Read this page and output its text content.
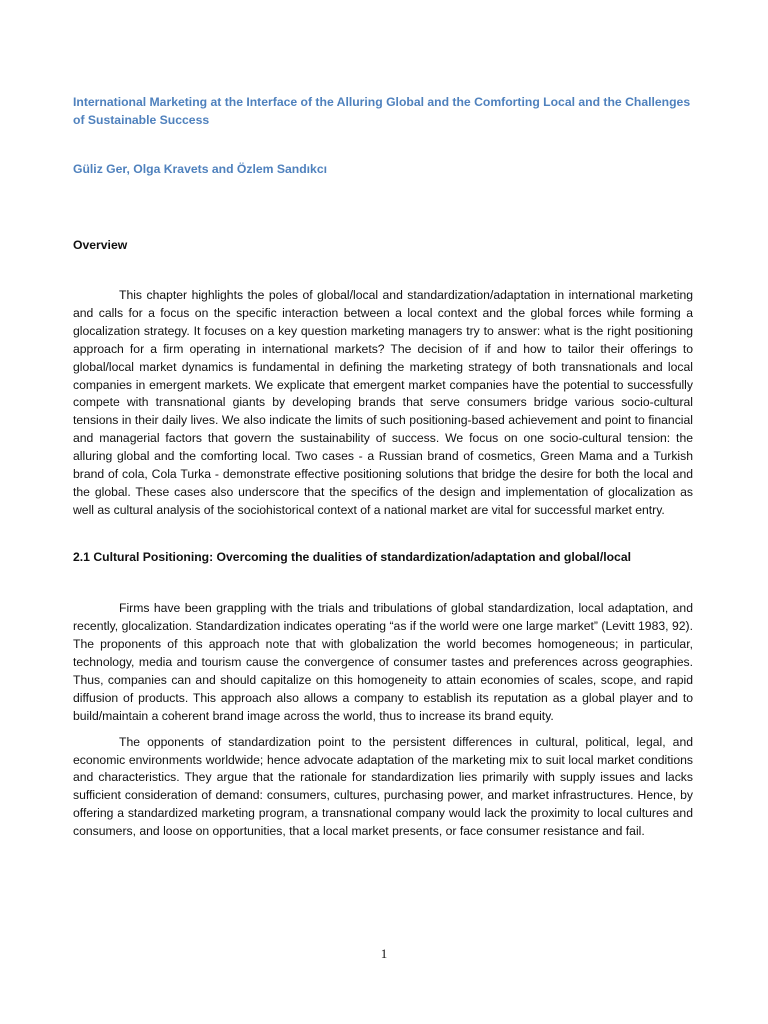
International Marketing at the Interface of the Alluring Global and the Comforting Local and the Challenges of Sustainable Success

Güliz Ger, Olga Kravets and Özlem Sandıkcı

Overview

This chapter highlights the poles of global/local and standardization/adaptation in international marketing and calls for a focus on the specific interaction between a local context and the global forces while forming a glocalization strategy. It focuses on a key question marketing managers try to answer: what is the right positioning approach for a firm operating in international markets? The decision of if and how to tailor their offerings to global/local market dynamics is fundamental in defining the marketing strategy of both transnationals and local companies in emergent markets. We explicate that emergent market companies have the potential to successfully compete with transnational giants by developing brands that serve consumers bridge various socio-cultural tensions in their daily lives. We also indicate the limits of such positioning-based achievement and point to financial and managerial factors that govern the sustainability of success. We focus on one socio-cultural tension: the alluring global and the comforting local. Two cases - a Russian brand of cosmetics, Green Mama and a Turkish brand of cola, Cola Turka - demonstrate effective positioning solutions that bridge the desire for both the local and the global. These cases also underscore that the specifics of the design and implementation of glocalization as well as cultural analysis of the sociohistorical context of a national market are vital for successful market entry.

2.1 Cultural Positioning: Overcoming the dualities of standardization/adaptation and global/local

Firms have been grappling with the trials and tribulations of global standardization, local adaptation, and recently, glocalization. Standardization indicates operating “as if the world were one large market” (Levitt 1983, 92). The proponents of this approach note that with globalization the world becomes homogeneous; in particular, technology, media and tourism cause the convergence of consumer tastes and preferences across geographies. Thus, companies can and should capitalize on this homogeneity to attain economies of scales, scope, and rapid diffusion of products. This approach also allows a company to establish its reputation as a global player and to build/maintain a coherent brand image across the world, thus to increase its brand equity.

The opponents of standardization point to the persistent differences in cultural, political, legal, and economic environments worldwide; hence advocate adaptation of the marketing mix to suit local market conditions and characteristics. They argue that the rationale for standardization lies primarily with supply issues and lacks sufficient consideration of demand: consumers, cultures, purchasing power, and market infrastructures. Hence, by offering a standardized marketing program, a transnational company would lack the proximity to local cultures and consumers, and loose on opportunities, that a local market presents, or face consumer resistance and fail.

1
